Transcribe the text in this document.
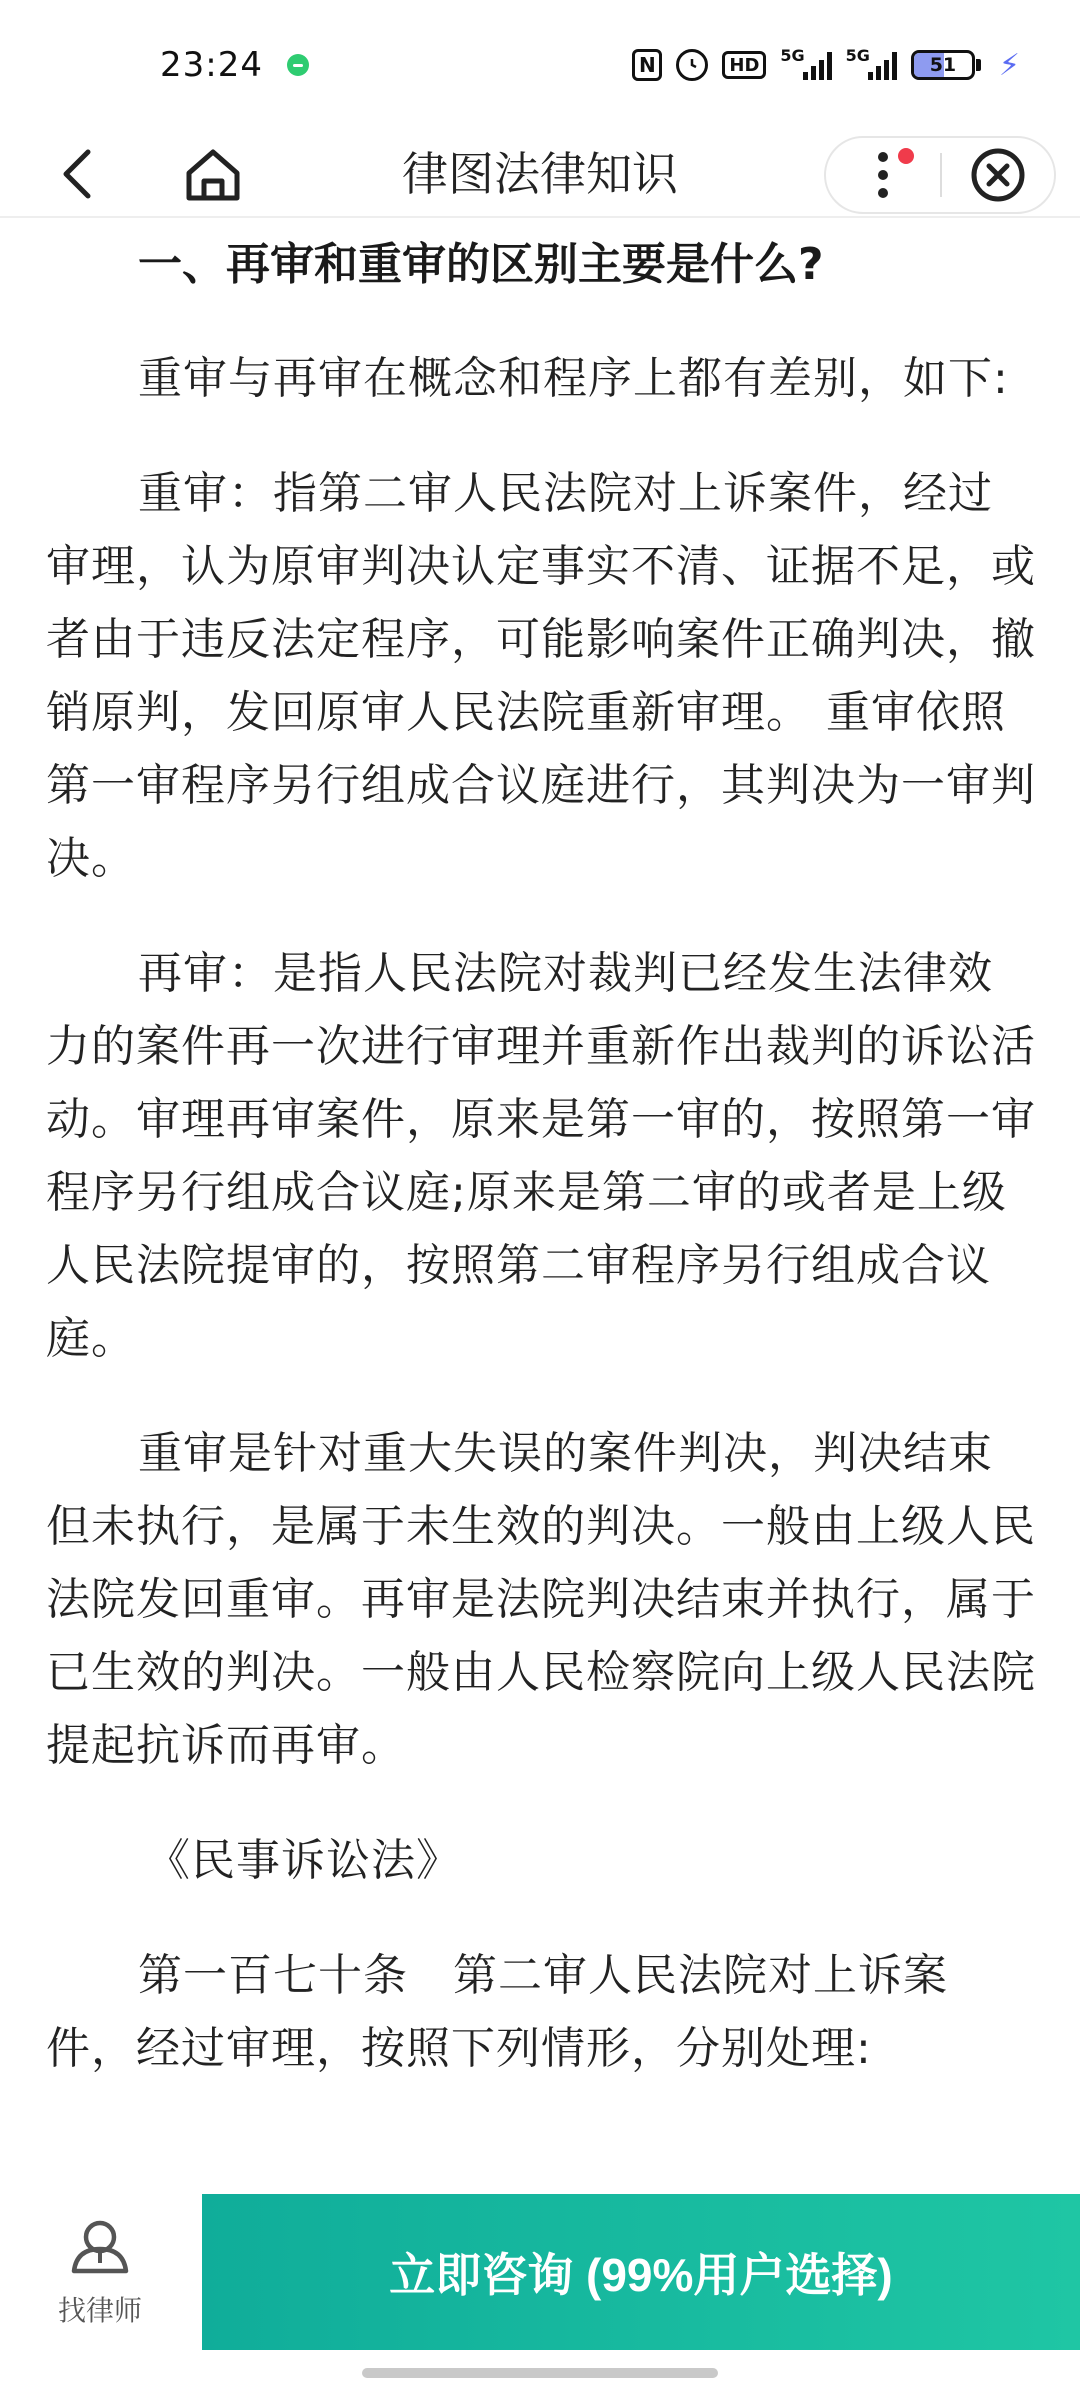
23:24	N	HD	5G	5G	51 ⚡
律图法律知识
一、再审和重审的区别主要是什么?

重审与再审在概念和程序上都有差别，如下:

重审：指第二审人民法院对上诉案件，经过审理，认为原审判决认定事实不清、证据不足，或者由于违反法定程序，可能影响案件正确判决，撤销原判，发回原审人民法院重新审理。 重审依照第一审程序另行组成合议庭进行，其判决为一审判决。

再审：是指人民法院对裁判已经发生法律效力的案件再一次进行审理并重新作出裁判的诉讼活动。审理再审案件，原来是第一审的，按照第一审程序另行组成合议庭;原来是第二审的或者是上级人民法院提审的，按照第二审程序另行组成合议庭。

重审是针对重大失误的案件判决，判决结束但未执行，是属于未生效的判决。一般由上级人民法院发回重审。再审是法院判决结束并执行，属于已生效的判决。一般由人民检察院向上级人民法院提起抗诉而再审。

《民事诉讼法》

第一百七十条　第二审人民法院对上诉案件，经过审理，按照下列情形，分别处理:

找律师
立即咨询 (99%用户选择)
